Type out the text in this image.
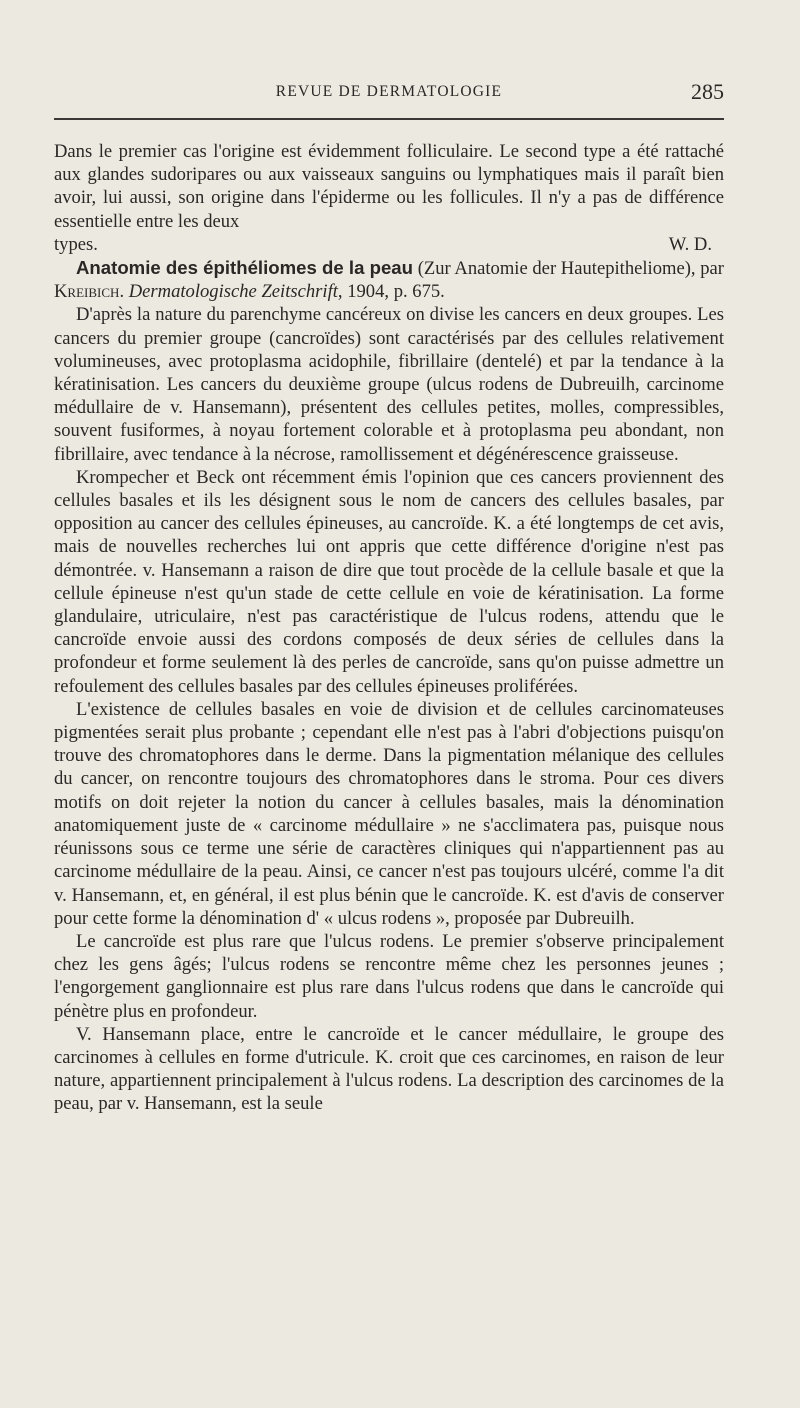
REVUE DE DERMATOLOGIE	285

Dans le premier cas l'origine est évidemment folliculaire. Le second type a été rattaché aux glandes sudoripares ou aux vaisseaux sanguins ou lymphatiques mais il paraît bien avoir, lui aussi, son origine dans l'épiderme ou les follicules. Il n'y a pas de différence essentielle entre les deux

types.	W. D.

Anatomie des épithéliomes de la peau (Zur Anatomie der Hautepitheliome), par Kreibich. Dermatologische Zeitschrift, 1904, p. 675.

D'après la nature du parenchyme cancéreux on divise les cancers en deux groupes. Les cancers du premier groupe (cancroïdes) sont caractérisés par des cellules relativement volumineuses, avec protoplasma acidophile, fibrillaire (dentelé) et par la tendance à la kératinisation. Les cancers du deuxième groupe (ulcus rodens de Dubreuilh, carcinome médullaire de v. Hansemann), présentent des cellules petites, molles, compressibles, souvent fusiformes, à noyau fortement colorable et à protoplasma peu abondant, non fibrillaire, avec tendance à la nécrose, ramollissement et dégénérescence graisseuse.

Krompecher et Beck ont récemment émis l'opinion que ces cancers proviennent des cellules basales et ils les désignent sous le nom de cancers des cellules basales, par opposition au cancer des cellules épineuses, au cancroïde. K. a été longtemps de cet avis, mais de nouvelles recherches lui ont appris que cette différence d'origine n'est pas démontrée. v. Hansemann a raison de dire que tout procède de la cellule basale et que la cellule épineuse n'est qu'un stade de cette cellule en voie de kératinisation. La forme glandulaire, utriculaire, n'est pas caractéristique de l'ulcus rodens, attendu que le cancroïde envoie aussi des cordons composés de deux séries de cellules dans la profondeur et forme seulement là des perles de cancroïde, sans qu'on puisse admettre un refoulement des cellules basales par des cellules épineuses proliférées.

L'existence de cellules basales en voie de division et de cellules carcinomateuses pigmentées serait plus probante ; cependant elle n'est pas à l'abri d'objections puisqu'on trouve des chromatophores dans le derme. Dans la pigmentation mélanique des cellules du cancer, on rencontre toujours des chromatophores dans le stroma. Pour ces divers motifs on doit rejeter la notion du cancer à cellules basales, mais la dénomination anatomiquement juste de « carcinome médullaire » ne s'acclimatera pas, puisque nous réunissons sous ce terme une série de caractères cliniques qui n'appartiennent pas au carcinome médullaire de la peau. Ainsi, ce cancer n'est pas toujours ulcéré, comme l'a dit v. Hansemann, et, en général, il est plus bénin que le cancroïde. K. est d'avis de conserver pour cette forme la dénomination d' « ulcus rodens », proposée par Dubreuilh.

Le cancroïde est plus rare que l'ulcus rodens. Le premier s'observe principalement chez les gens âgés; l'ulcus rodens se rencontre même chez les personnes jeunes ; l'engorgement ganglionnaire est plus rare dans l'ulcus rodens que dans le cancroïde qui pénètre plus en profondeur.

V. Hansemann place, entre le cancroïde et le cancer médullaire, le groupe des carcinomes à cellules en forme d'utricule. K. croit que ces carcinomes, en raison de leur nature, appartiennent principalement à l'ulcus rodens. La description des carcinomes de la peau, par v. Hansemann, est la seule
